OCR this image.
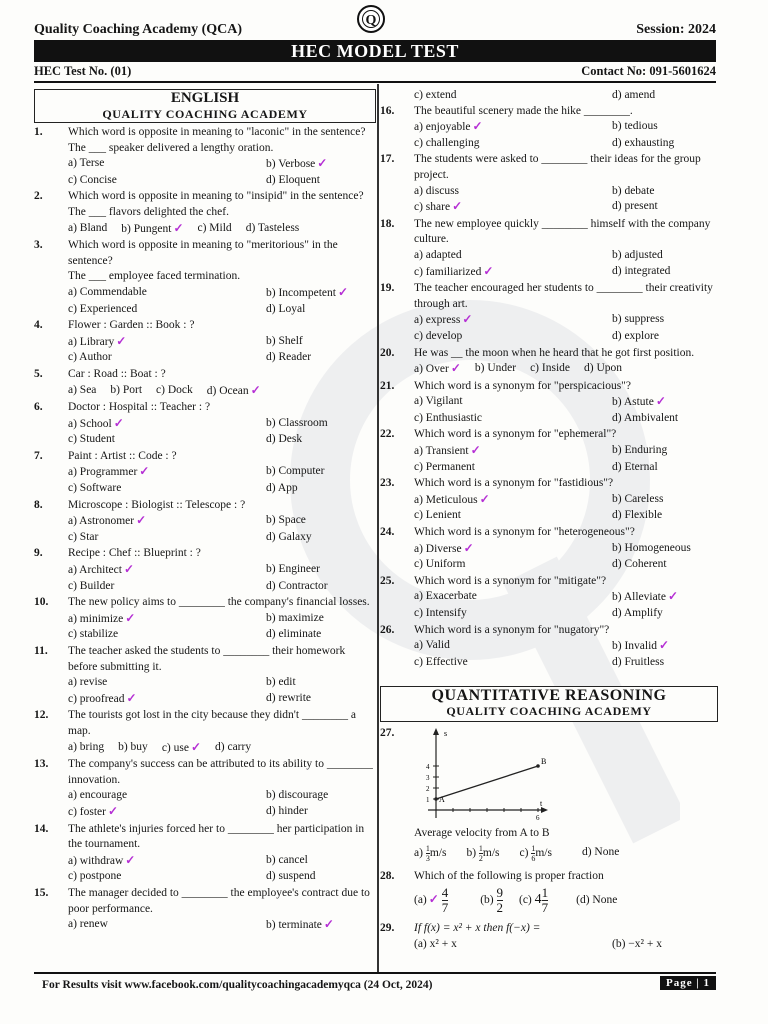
Quality Coaching Academy (QCA)
Q
Session: 2024
HEC MODEL TEST
HEC Test No. (01)	Contact No: 091-5601624
ENGLISH
QUALITY COACHING ACADEMY
1. Which word is opposite in meaning to "laconic" in the sentence?
The ___ speaker delivered a lengthy oration.
a) Terse	b) Verbose ✓
c) Concise	d) Eloquent
2. Which word is opposite in meaning to "insipid" in the sentence?
The ___ flavors delighted the chef.
a) Bland b) Pungent ✓ c) Mild d) Tasteless
3. Which word is opposite in meaning to "meritorious" in the sentence?
The ___ employee faced termination.
a) Commendable	b) Incompetent ✓
c) Experienced	d) Loyal
4. Flower : Garden :: Book : ?
a) Library ✓	b) Shelf
c) Author	d) Reader
5. Car : Road :: Boat : ?
a) Sea b) Port c) Dock d) Ocean ✓
6. Doctor : Hospital :: Teacher : ?
a) School ✓	b) Classroom
c) Student	d) Desk
7. Paint : Artist :: Code : ?
a) Programmer ✓	b) Computer
c) Software	d) App
8. Microscope : Biologist :: Telescope : ?
a) Astronomer ✓	b) Space
c) Star	d) Galaxy
9. Recipe : Chef :: Blueprint : ?
a) Architect ✓	b) Engineer
c) Builder	d) Contractor
10. The new policy aims to ________ the company's financial losses.
a) minimize ✓	b) maximize
c) stabilize	d) eliminate
11. The teacher asked the students to ________ their homework before submitting it.
a) revise	b) edit
c) proofread ✓	d) rewrite
12. The tourists got lost in the city because they didn't ________ a map.
a) bring b) buy c) use ✓ d) carry
13. The company's success can be attributed to its ability to ________ innovation.
a) encourage	b) discourage
c) foster ✓	d) hinder
14. The athlete's injuries forced her to ________ her participation in the tournament.
a) withdraw ✓	b) cancel
c) postpone	d) suspend
15. The manager decided to ________ the employee's contract due to poor performance.
a) renew	b) terminate ✓
c) extend	d) amend
16. The beautiful scenery made the hike ________.
a) enjoyable ✓	b) tedious
c) challenging	d) exhausting
17. The students were asked to ________ their ideas for the group project.
a) discuss	b) debate
c) share ✓	d) present
18. The new employee quickly ________ himself with the company culture.
a) adapted	b) adjusted
c) familiarized ✓	d) integrated
19. The teacher encouraged her students to ________ their creativity through art.
a) express ✓	b) suppress
c) develop	d) explore
20. He was __ the moon when he heard that he got first position.
a) Over ✓ b) Under c) Inside d) Upon
21. Which word is a synonym for "perspicacious"?
a) Vigilant	b) Astute ✓
c) Enthusiastic	d) Ambivalent
22. Which word is a synonym for "ephemeral"?
a) Transient ✓	b) Enduring
c) Permanent	d) Eternal
23. Which word is a synonym for "fastidious"?
a) Meticulous ✓	b) Careless
c) Lenient	d) Flexible
24. Which word is a synonym for "heterogeneous"?
a) Diverse ✓	b) Homogeneous
c) Uniform	d) Coherent
25. Which word is a synonym for "mitigate"?
a) Exacerbate	b) Alleviate ✓
c) Intensify	d) Amplify
26. Which word is a synonym for "nugatory"?
a) Valid	b) Invalid ✓
c) Effective	d) Fruitless
QUANTITATIVE REASONING
QUALITY COACHING ACADEMY
27.	s
t
1
2
3
4
6
A
B
Average velocity from A to B
$a) \frac{1}{3}m/s$ $b) \frac{1}{2}m/s$ $c) \frac{1}{6}m/s$	d) None
28. Which of the following is proper fraction
(a) ✓ $\frac{4}{7}$	$(b) \frac{9}{2} (c)$ $4 \frac{1}{7} (d)$ None
29. If f(x) = x² + x then f(−x) =
(a) x² + x	(b) −x² + x
For Results visit www.facebook.com/qualitycoachingacademyqca (24 Oct, 2024)	Page | 1
